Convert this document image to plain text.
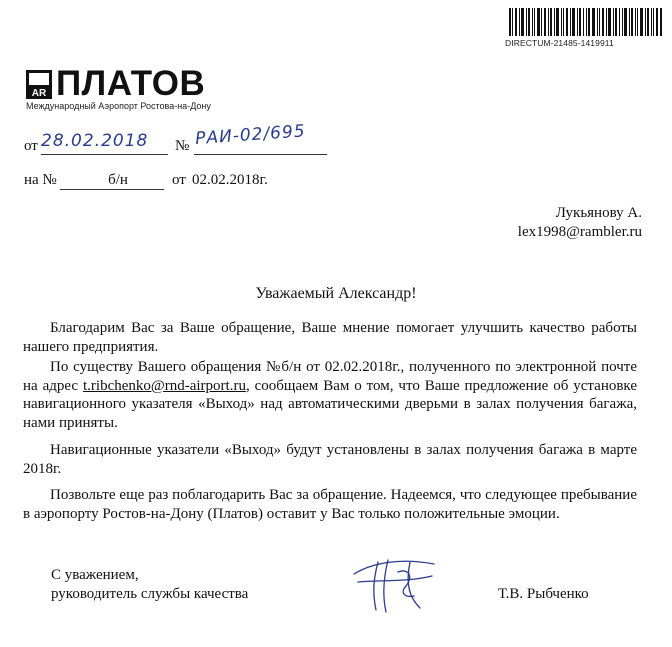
DIRECTUM-21485-1419911
AR ПЛАТОВ
Международный Аэропорт Ростова-на-Дону
от 28.02.2018 № РАИ-02/695
на №	б/н	от 02.02.2018г.
Лукьянову А.
lex1998@rambler.ru
Уважаемый Александр!

Благодарим Вас за Ваше обращение, Ваше мнение помогает улучшить качество работы нашего предприятия.

По существу Вашего обращения №б/н от 02.02.2018г., полученного по электронной почте на адрес t.ribchenko@rnd-airport.ru, сообщаем Вам о том, что Ваше предложение об установке навигационного указателя «Выход» над автоматическими дверьми в залах получения багажа, нами приняты.

Навигационные указатели «Выход» будут установлены в залах получения багажа в марте 2018г.

Позвольте еще раз поблагодарить Вас за обращение. Надеемся, что следующее пребывание в аэропорту Ростов-на-Дону (Платов) оставит у Вас только положительные эмоции.

С уважением,
руководитель службы качества	Т.В. Рыбченко
